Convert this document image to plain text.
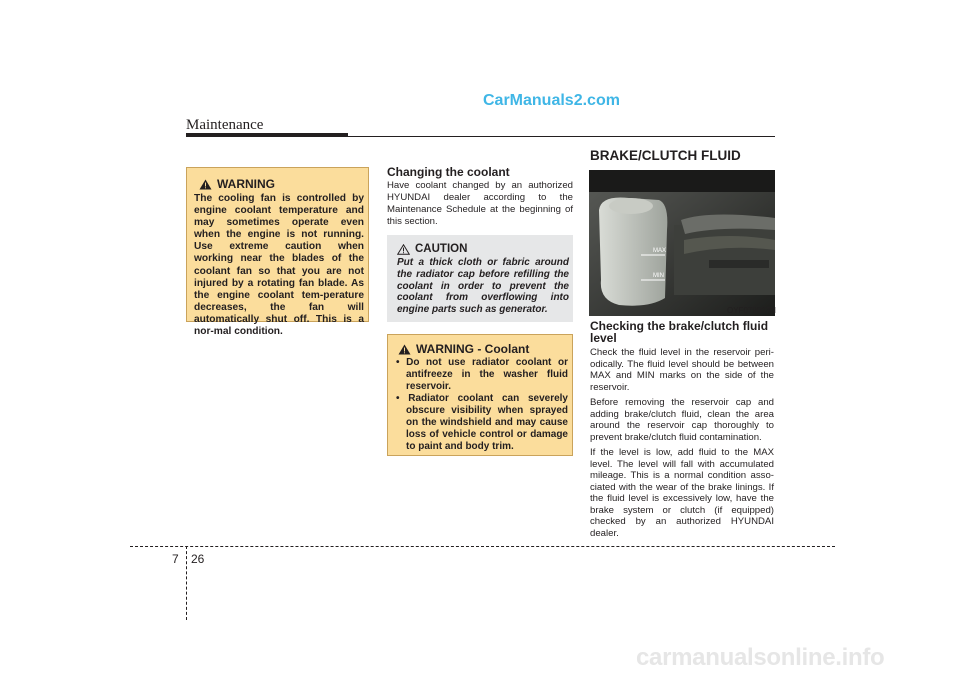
CarManuals2.com
Maintenance
WARNING
The cooling fan is controlled by engine coolant temperature and may sometimes operate even when the engine is not running. Use extreme caution when working near the blades of the coolant fan so that you are not injured by a rotating fan blade. As the engine coolant tem-perature decreases, the fan will automatically shut off. This is a nor-mal condition.
Changing the coolant
Have coolant changed by an authorized HYUNDAI dealer according to the Maintenance Schedule at the beginning of this section.
CAUTION
Put a thick cloth or fabric around the radiator cap before refilling the coolant in order to prevent the coolant from overflowing into engine parts such as generator.
WARNING - Coolant
• Do not use radiator coolant or antifreeze in the washer fluid reservoir.
• Radiator coolant can severely obscure visibility when sprayed on the windshield and may cause loss of vehicle control or damage to paint and body trim.
BRAKE/CLUTCH FLUID
MAX
MIN
OYF079007N
Checking the brake/clutch fluid level

Check the fluid level in the reservoir peri-odically. The fluid level should be between MAX and MIN marks on the side of the reservoir.

Before removing the reservoir cap and adding brake/clutch fluid, clean the area around the reservoir cap thoroughly to prevent brake/clutch fluid contamination.

If the level is low, add fluid to the MAX level. The level will fall with accumulated mileage. This is a normal condition asso-ciated with the wear of the brake linings. If the fluid level is excessively low, have the brake system or clutch (if equipped) checked by an authorized HYUNDAI dealer.

7 26
carmanualsonline.info
